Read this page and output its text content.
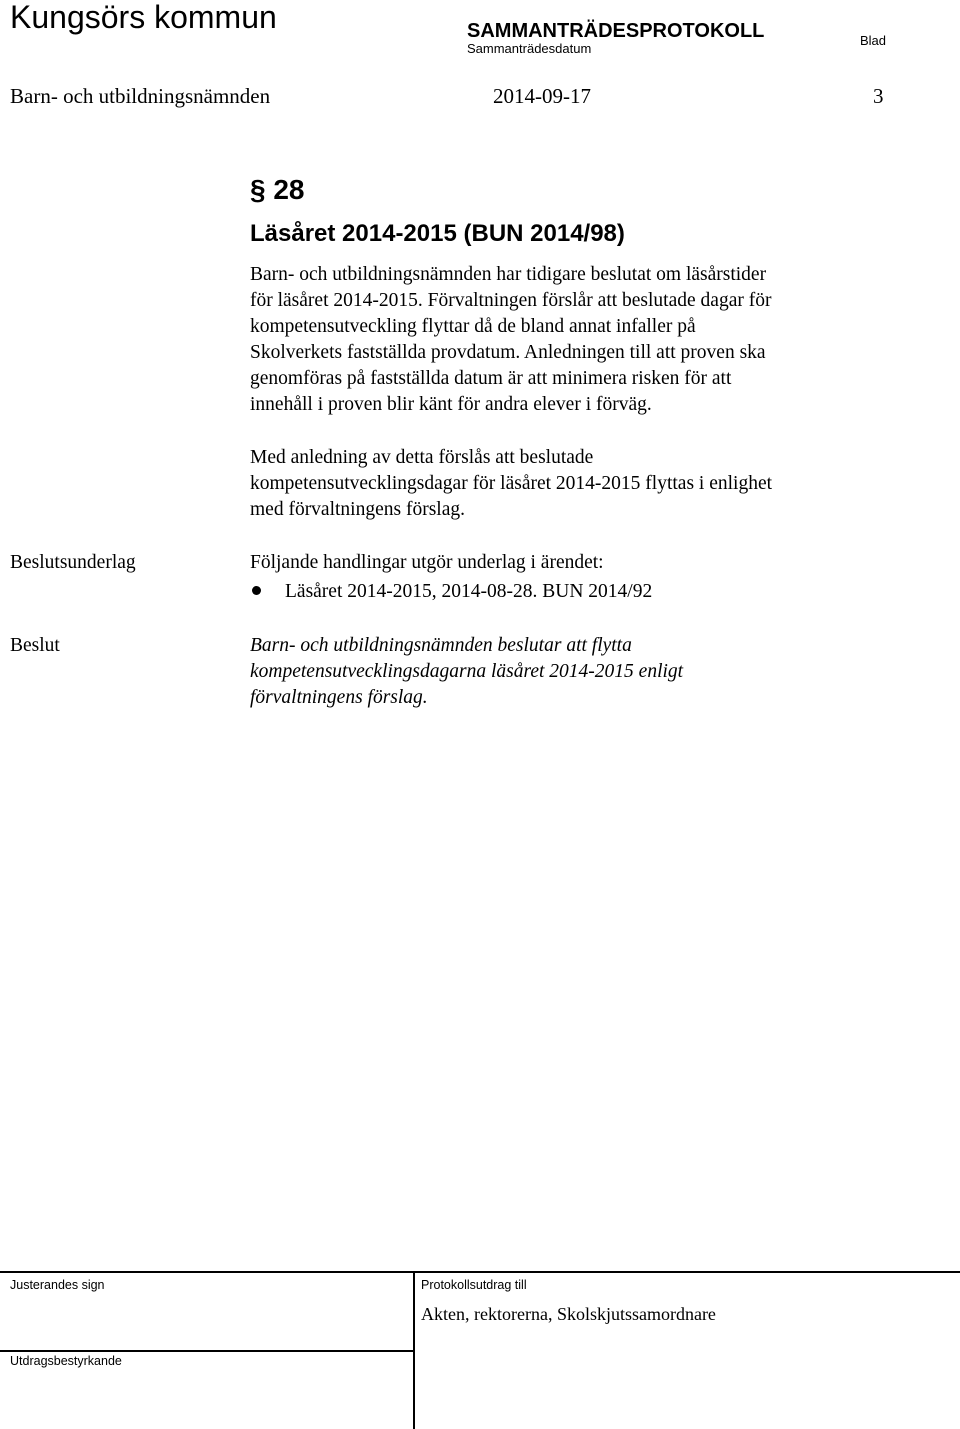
Kungsörs kommun	SAMMANTRÄDESPROTOKOLL
Sammanträdesdatum
Blad
Barn- och utbildningsnämnden	2014-09-17	3
§ 28
Läsåret 2014-2015 (BUN 2014/98)
Barn- och utbildningsnämnden har tidigare beslutat om läsårstider
för läsåret 2014-2015. Förvaltningen förslår att beslutade dagar för
kompetensutveckling flyttar då de bland annat infaller på
Skolverkets fastställda provdatum. Anledningen till att proven ska
genomföras på fastställda datum är att minimera risken för att
innehåll i proven blir känt för andra elever i förväg.
Med anledning av detta förslås att beslutade
kompetensutvecklingsdagar för läsåret 2014-2015 flyttas i enlighet
med förvaltningens förslag.
Beslutsunderlag	Följande handlingar utgör underlag i ärendet:
Läsåret 2014-2015, 2014-08-28. BUN 2014/92
Beslut	Barn- och utbildningsnämnden beslutar att flytta
kompetensutvecklingsdagarna läsåret 2014-2015 enligt
förvaltningens förslag.
Justerandes sign	Protokollsutdrag till
Akten, rektorerna, Skolskjutssamordnare
Utdragsbestyrkande
